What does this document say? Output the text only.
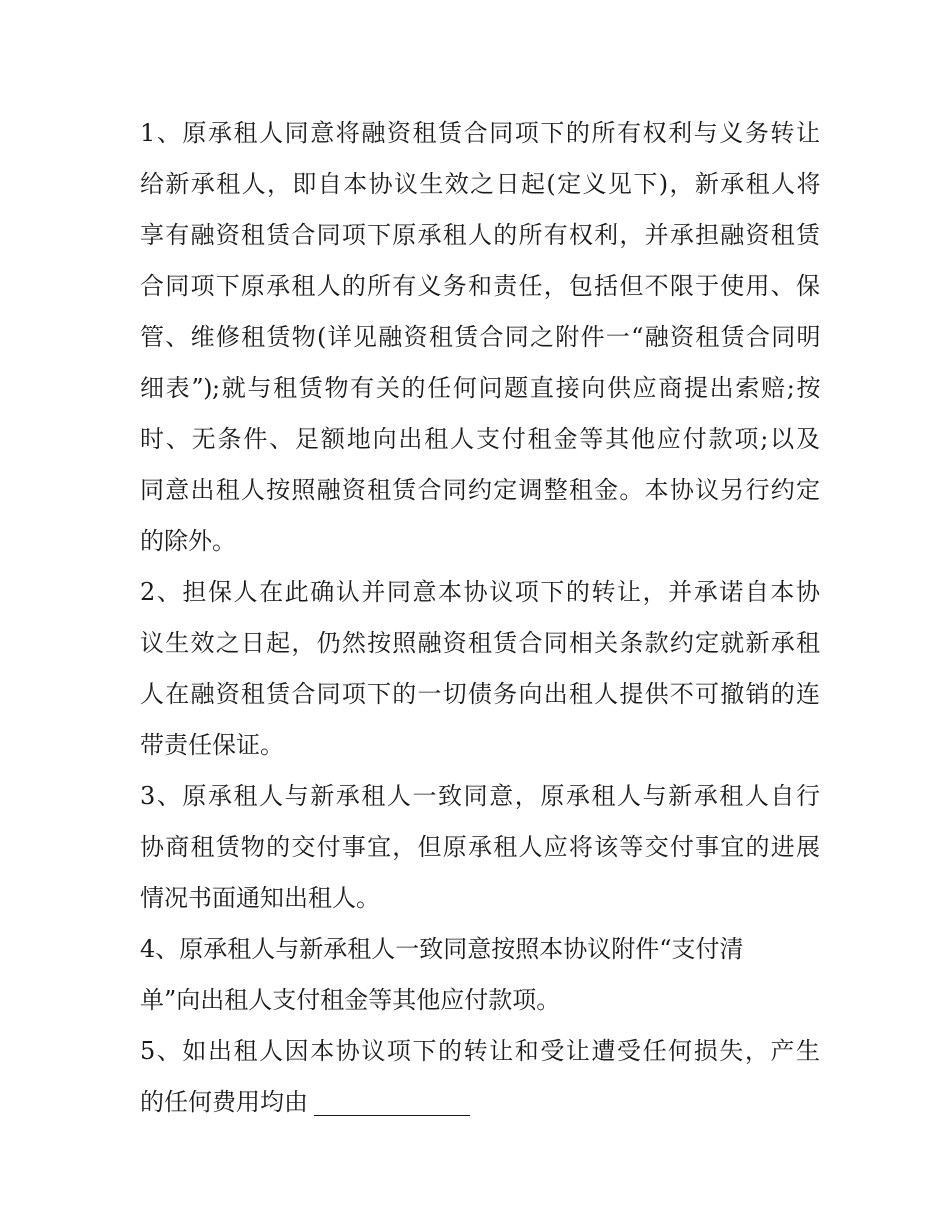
1、原承租人同意将融资租赁合同项下的所有权利与义务转让
给新承租人，即自本协议生效之日起(定义见下)，新承租人将
享有融资租赁合同项下原承租人的所有权利，并承担融资租赁
合同项下原承租人的所有义务和责任，包括但不限于使用、保
管、维修租赁物(详见融资租赁合同之附件一“融资租赁合同明
细表”);就与租赁物有关的任何问题直接向供应商提出索赔;按
时、无条件、足额地向出租人支付租金等其他应付款项;以及
同意出租人按照融资租赁合同约定调整租金。本协议另行约定
的除外。
2、担保人在此确认并同意本协议项下的转让，并承诺自本协
议生效之日起，仍然按照融资租赁合同相关条款约定就新承租
人在融资租赁合同项下的一切债务向出租人提供不可撤销的连
带责任保证。
3、原承租人与新承租人一致同意，原承租人与新承租人自行
协商租赁物的交付事宜，但原承租人应将该等交付事宜的进展
情况书面通知出租人。
4、原承租人与新承租人一致同意按照本协议附件“支付清
单”向出租人支付租金等其他应付款项。
5、如出租人因本协议项下的转让和受让遭受任何损失，产生
的任何费用均由
